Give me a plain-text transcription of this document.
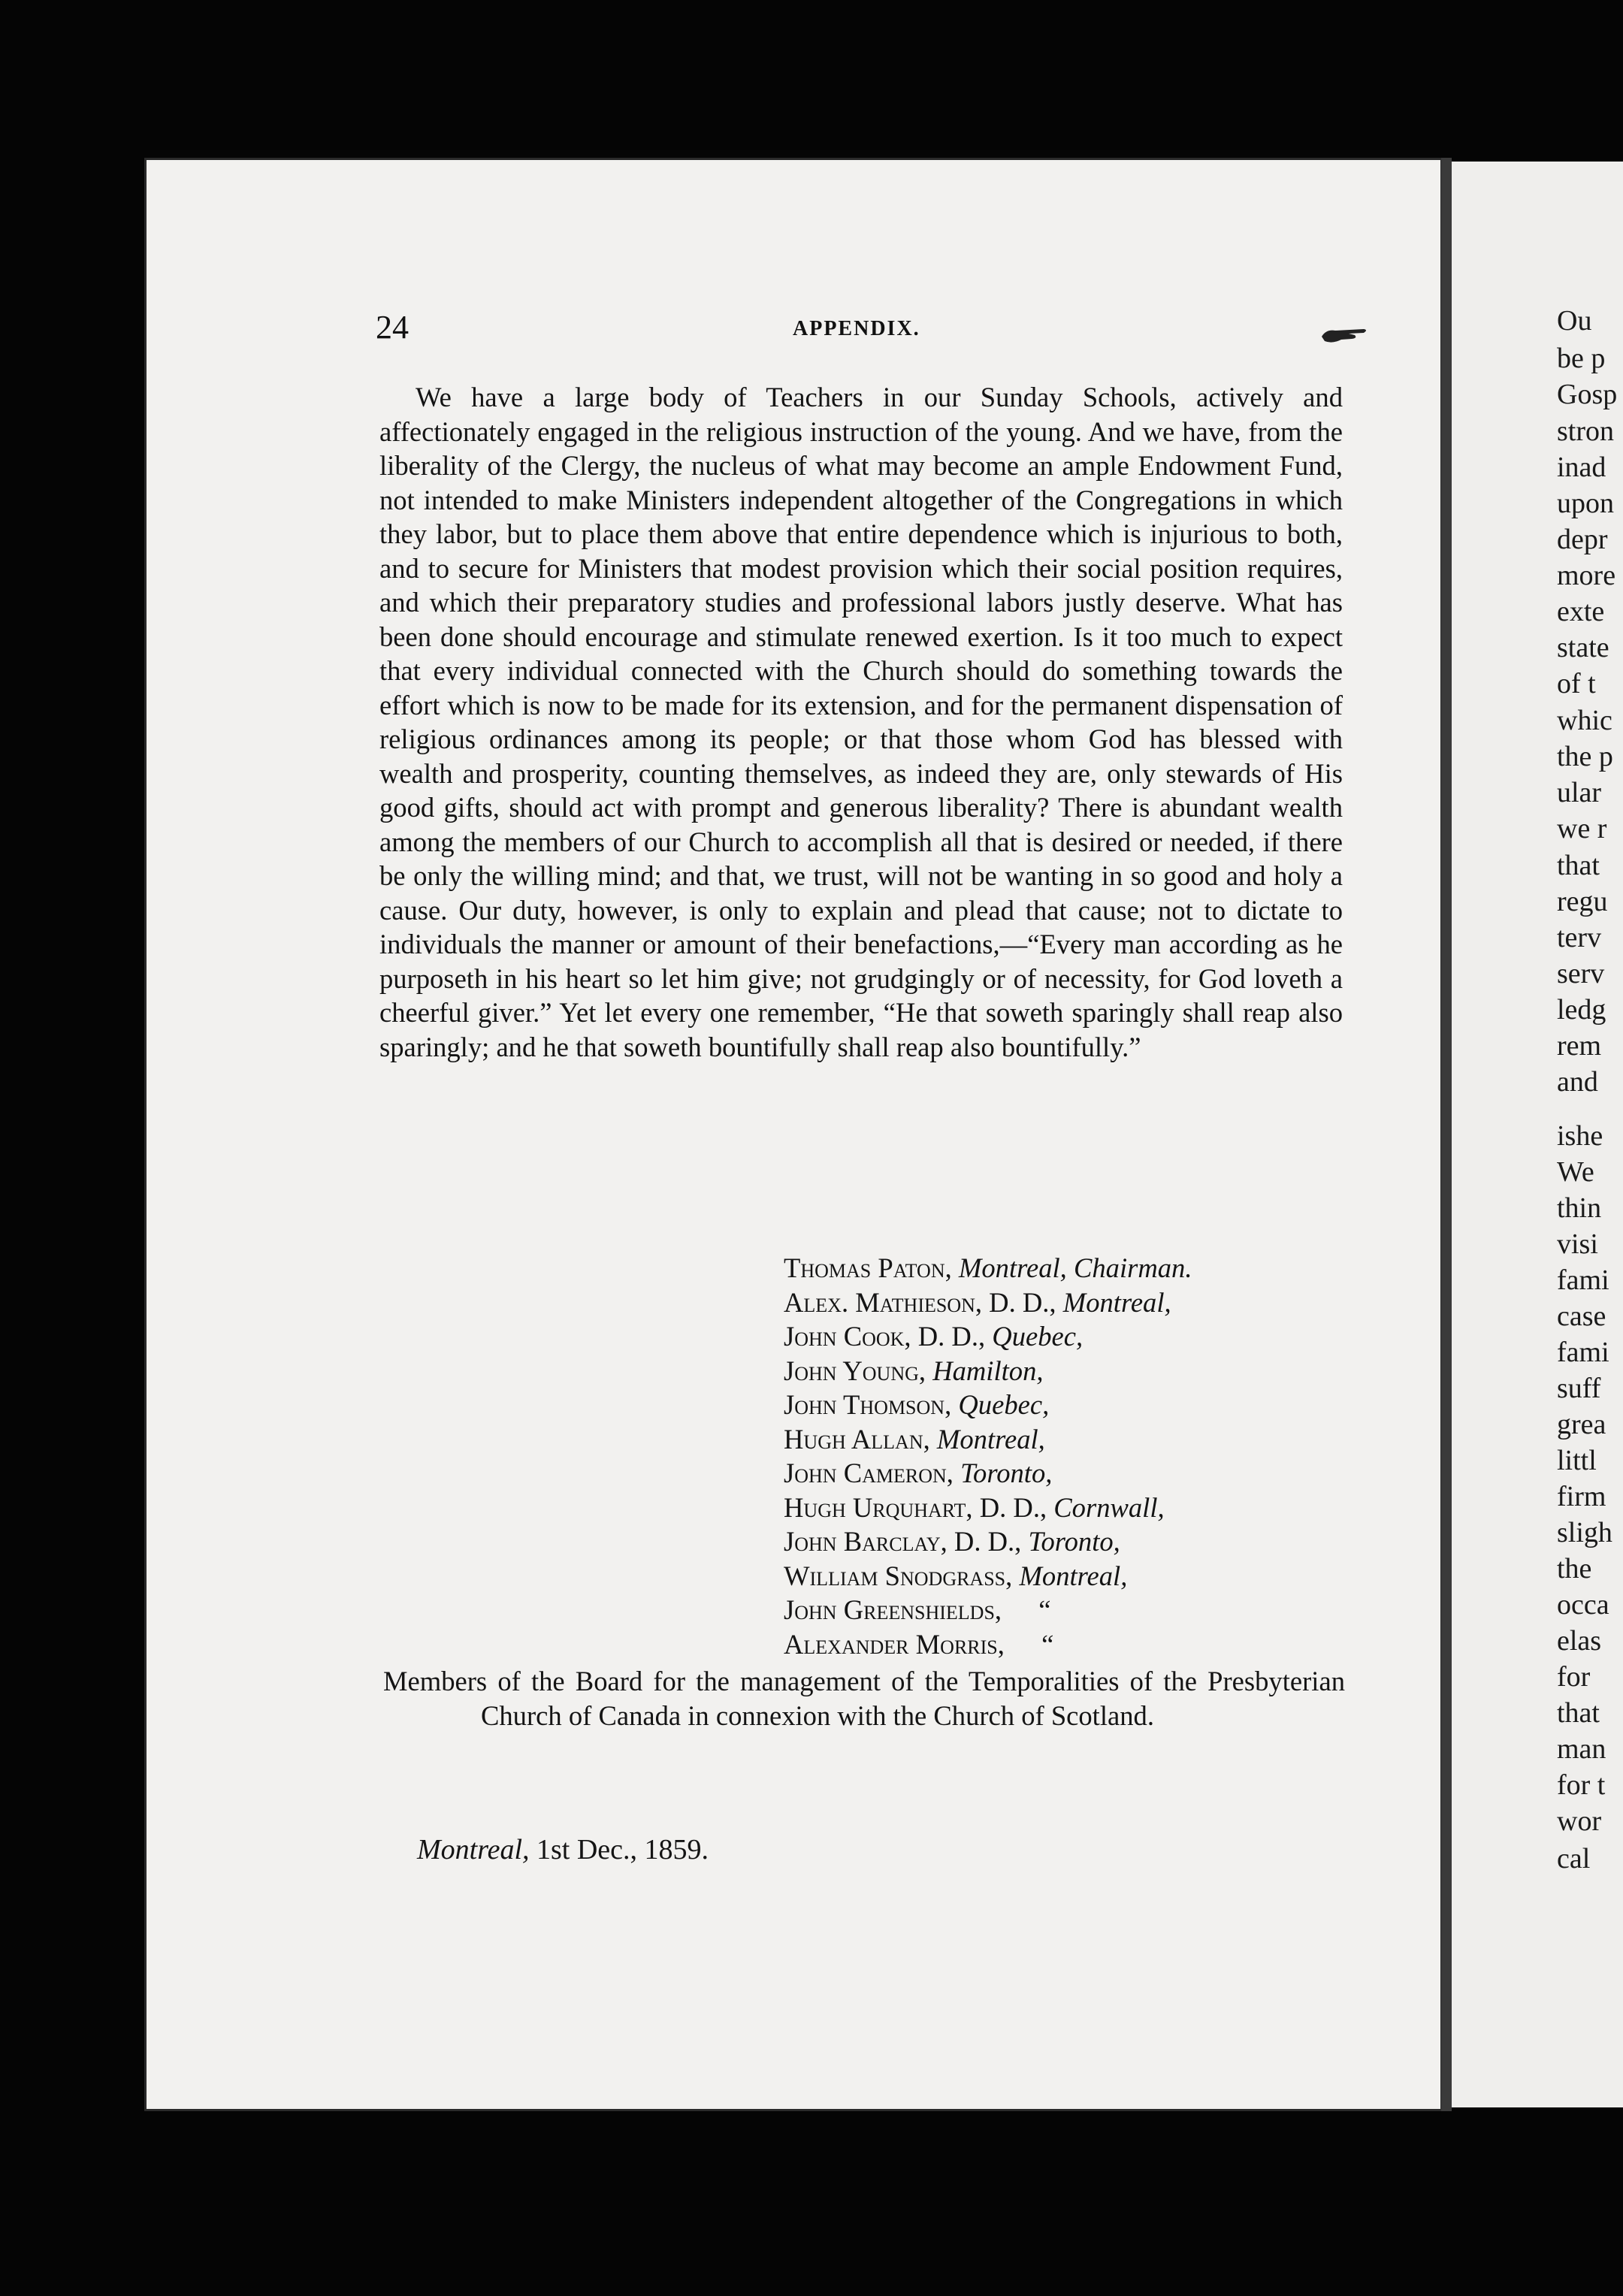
Ou
be p
Gosp
stron
inad
upon
depr
more
exte
state
of t
whic
the p
ular
we r
that
regu
terv
serv
ledg
rem
and
ishe
We
thin
visi
fami
case
fami
suff
grea
littl
firm
sligh
the
occa
elas
for
that
man
for t
wor
cal
24	APPENDIX.

We have a large body of Teachers in our Sunday Schools, actively and affectionately engaged in the religious instruction of the young. And we have, from the liberality of the Clergy, the nucleus of what may become an ample Endowment Fund, not intended to make Ministers independent altogether of the Congregations in which they labor, but to place them above that entire dependence which is injurious to both, and to secure for Ministers that modest provision which their social position requires, and which their preparatory studies and professional labors justly deserve. What has been done should encourage and stimulate renewed exertion. Is it too much to expect that every individual connected with the Church should do something towards the effort which is now to be made for its extension, and for the permanent dispensation of religious ordinances among its people; or that those whom God has blessed with wealth and prosperity, counting themselves, as indeed they are, only stewards of His good gifts, should act with prompt and generous liberality? There is abundant wealth among the members of our Church to accomplish all that is desired or needed, if there be only the willing mind; and that, we trust, will not be wanting in so good and holy a cause. Our duty, however, is only to explain and plead that cause; not to dictate to individuals the manner or amount of their benefactions,—“Every man according as he purposeth in his heart so let him give; not grudgingly or of necessity, for God loveth a cheerful giver.” Yet let every one remember, “He that soweth sparingly shall reap also sparingly; and he that soweth bountifully shall reap also bountifully.”

Thomas Paton, Montreal, Chairman.
Alex. Mathieson, D. D., Montreal,
John Cook, D. D., Quebec,
John Young, Hamilton,
John Thomson, Quebec,
Hugh Allan, Montreal,
John Cameron, Toronto,
Hugh Urquhart, D. D., Cornwall,
John Barclay, D. D., Toronto,
William Snodgrass, Montreal,
John Greenshields, “
Alexander Morris, “
Members of the Board for the management of the Temporalities of the Presbyterian Church of Canada in connexion with the Church of Scotland.
Montreal, 1st Dec., 1859.
